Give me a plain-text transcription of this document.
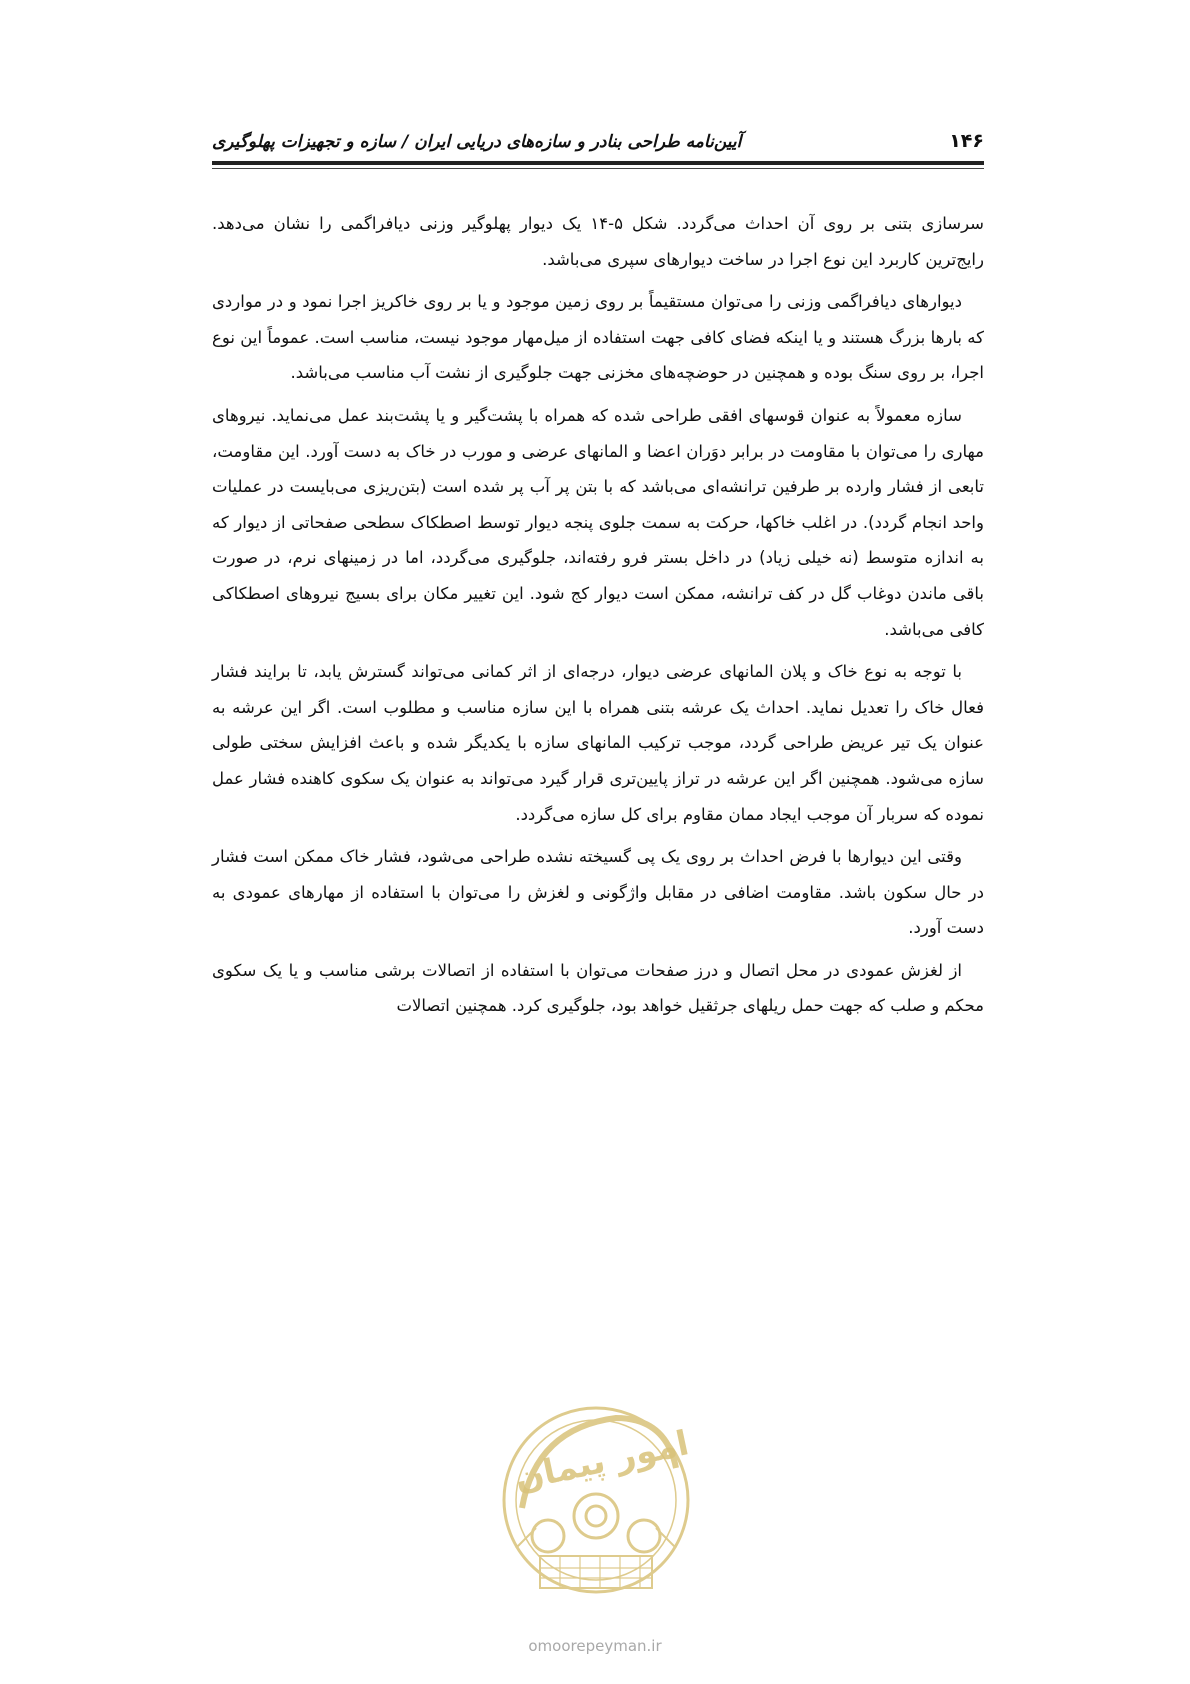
۱۴۶
آیین‌نامه طراحی بنادر و سازه‌های دریایی ایران / سازه و تجهیزات پهلوگیری

سرسازی بتنی بر روی آن احداث می‌گردد. شکل ۵-۱۴ یک دیوار پهلوگیر وزنی دیافراگمی را نشان می‌دهد. رایج‌ترین کاربرد این نوع اجرا در ساخت دیوارهای سپری می‌باشد.

دیوارهای دیافراگمی وزنی را می‌توان مستقیماً بر روی زمین موجود و یا بر روی خاکریز اجرا نمود و در مواردی که بارها بزرگ هستند و یا اینکه فضای کافی جهت استفاده از میل‌مهار موجود نیست، مناسب است. عموماً این نوع اجرا، بر روی سنگ بوده و همچنین در حوضچه‌های مخزنی جهت جلوگیری از نشت آب مناسب می‌باشد.

سازه معمولاً به عنوان قوسهای افقی طراحی شده که همراه با پشت‌گیر و یا پشت‌بند عمل می‌نماید. نیروهای مهاری را می‌توان با مقاومت در برابر دوَران اعضا و المانهای عرضی و مورب در خاک به دست آورد. این مقاومت، تابعی از فشار وارده بر طرفین ترانشه‌ای می‌باشد که با بتن پر آب پر شده است (بتن‌ریزی می‌بایست در عملیات واحد انجام گردد). در اغلب خاکها، حرکت به سمت جلوی پنجه دیوار توسط اصطکاک سطحی صفحاتی از دیوار که به اندازه متوسط (نه خیلی زیاد) در داخل بستر فرو رفته‌اند، جلوگیری می‌گردد، اما در زمینهای نرم، در صورت باقی ماندن دوغاب گل در کف ترانشه، ممکن است دیوار کج شود. این تغییر مکان برای بسیج نیروهای اصطکاکی کافی می‌باشد.

با توجه به نوع خاک و پلان المانهای عرضی دیوار، درجه‌ای از اثر کمانی می‌تواند گسترش یابد، تا برایند فشار فعال خاک را تعدیل نماید. احداث یک عرشه بتنی همراه با این سازه مناسب و مطلوب است. اگر این عرشه به عنوان یک تیر عریض طراحی گردد، موجب ترکیب المانهای سازه با یکدیگر شده و باعث افزایش سختی طولی سازه می‌شود. همچنین اگر این عرشه در تراز پایین‌تری قرار گیرد می‌تواند به عنوان یک سکوی کاهنده فشار عمل نموده که سربار آن موجب ایجاد ممان مقاوم برای کل سازه می‌گردد.

وقتی این دیوارها با فرض احداث بر روی یک پی گسیخته نشده طراحی می‌شود، فشار خاک ممکن است فشار در حال سکون باشد. مقاومت اضافی در مقابل واژگونی و لغزش را می‌توان با استفاده از مهارهای عمودی به دست آورد.

از لغزش عمودی در محل اتصال و درز صفحات می‌توان با استفاده از اتصالات برشی مناسب و یا یک سکوی محکم و صلب که جهت حمل ریلهای جرثقیل خواهد بود، جلوگیری کرد. همچنین اتصالات

امور پیمان
omoorepeyman.ir
